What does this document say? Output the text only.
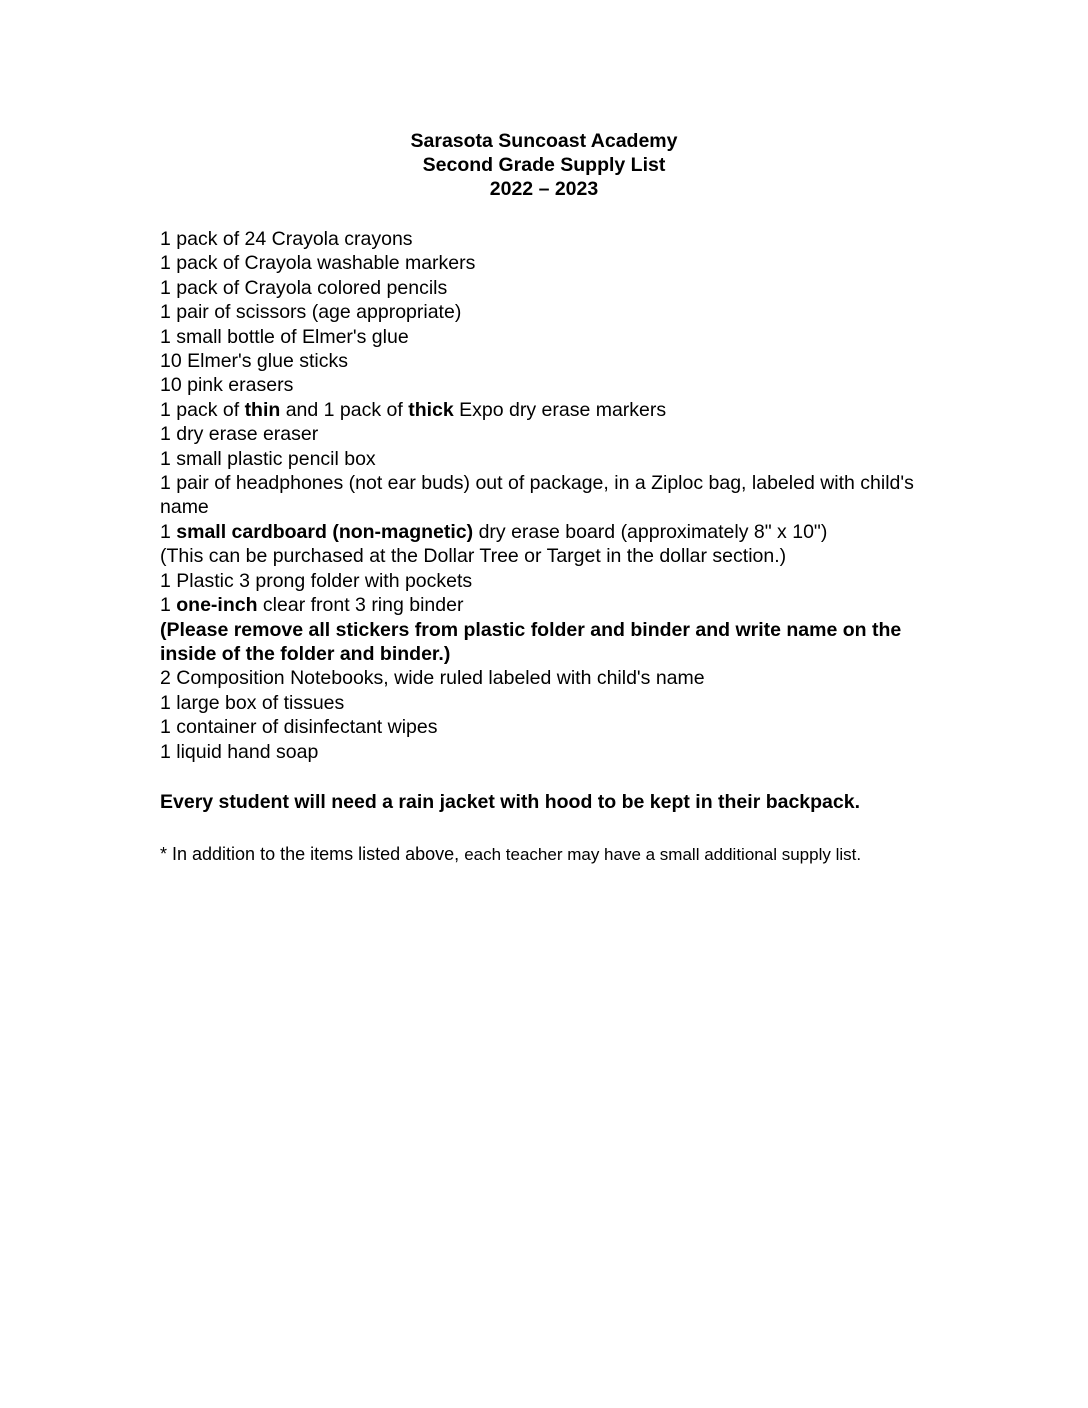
Sarasota Suncoast Academy
Second Grade Supply List
2022 – 2023
1 pack of 24 Crayola crayons
1 pack of Crayola washable markers
1 pack of Crayola colored pencils
1 pair of scissors (age appropriate)
1 small bottle of Elmer's glue
10 Elmer's glue sticks
10 pink erasers
1 pack of thin and 1 pack of thick Expo dry erase markers
1 dry erase eraser
1 small plastic pencil box
1 pair of headphones (not ear buds) out of package, in a Ziploc bag, labeled with child's name
1 small cardboard (non-magnetic) dry erase board (approximately 8" x 10")
(This can be purchased at the Dollar Tree or Target in the dollar section.)
1 Plastic 3 prong folder with pockets
1 one-inch clear front 3 ring binder
(Please remove all stickers from plastic folder and binder and write name on the inside of the folder and binder.)
2 Composition Notebooks, wide ruled labeled with child's name
1 large box of tissues
1 container of disinfectant wipes
1 liquid hand soap
Every student will need a rain jacket with hood to be kept in their backpack.
* In addition to the items listed above, each teacher may have a small additional supply list.
